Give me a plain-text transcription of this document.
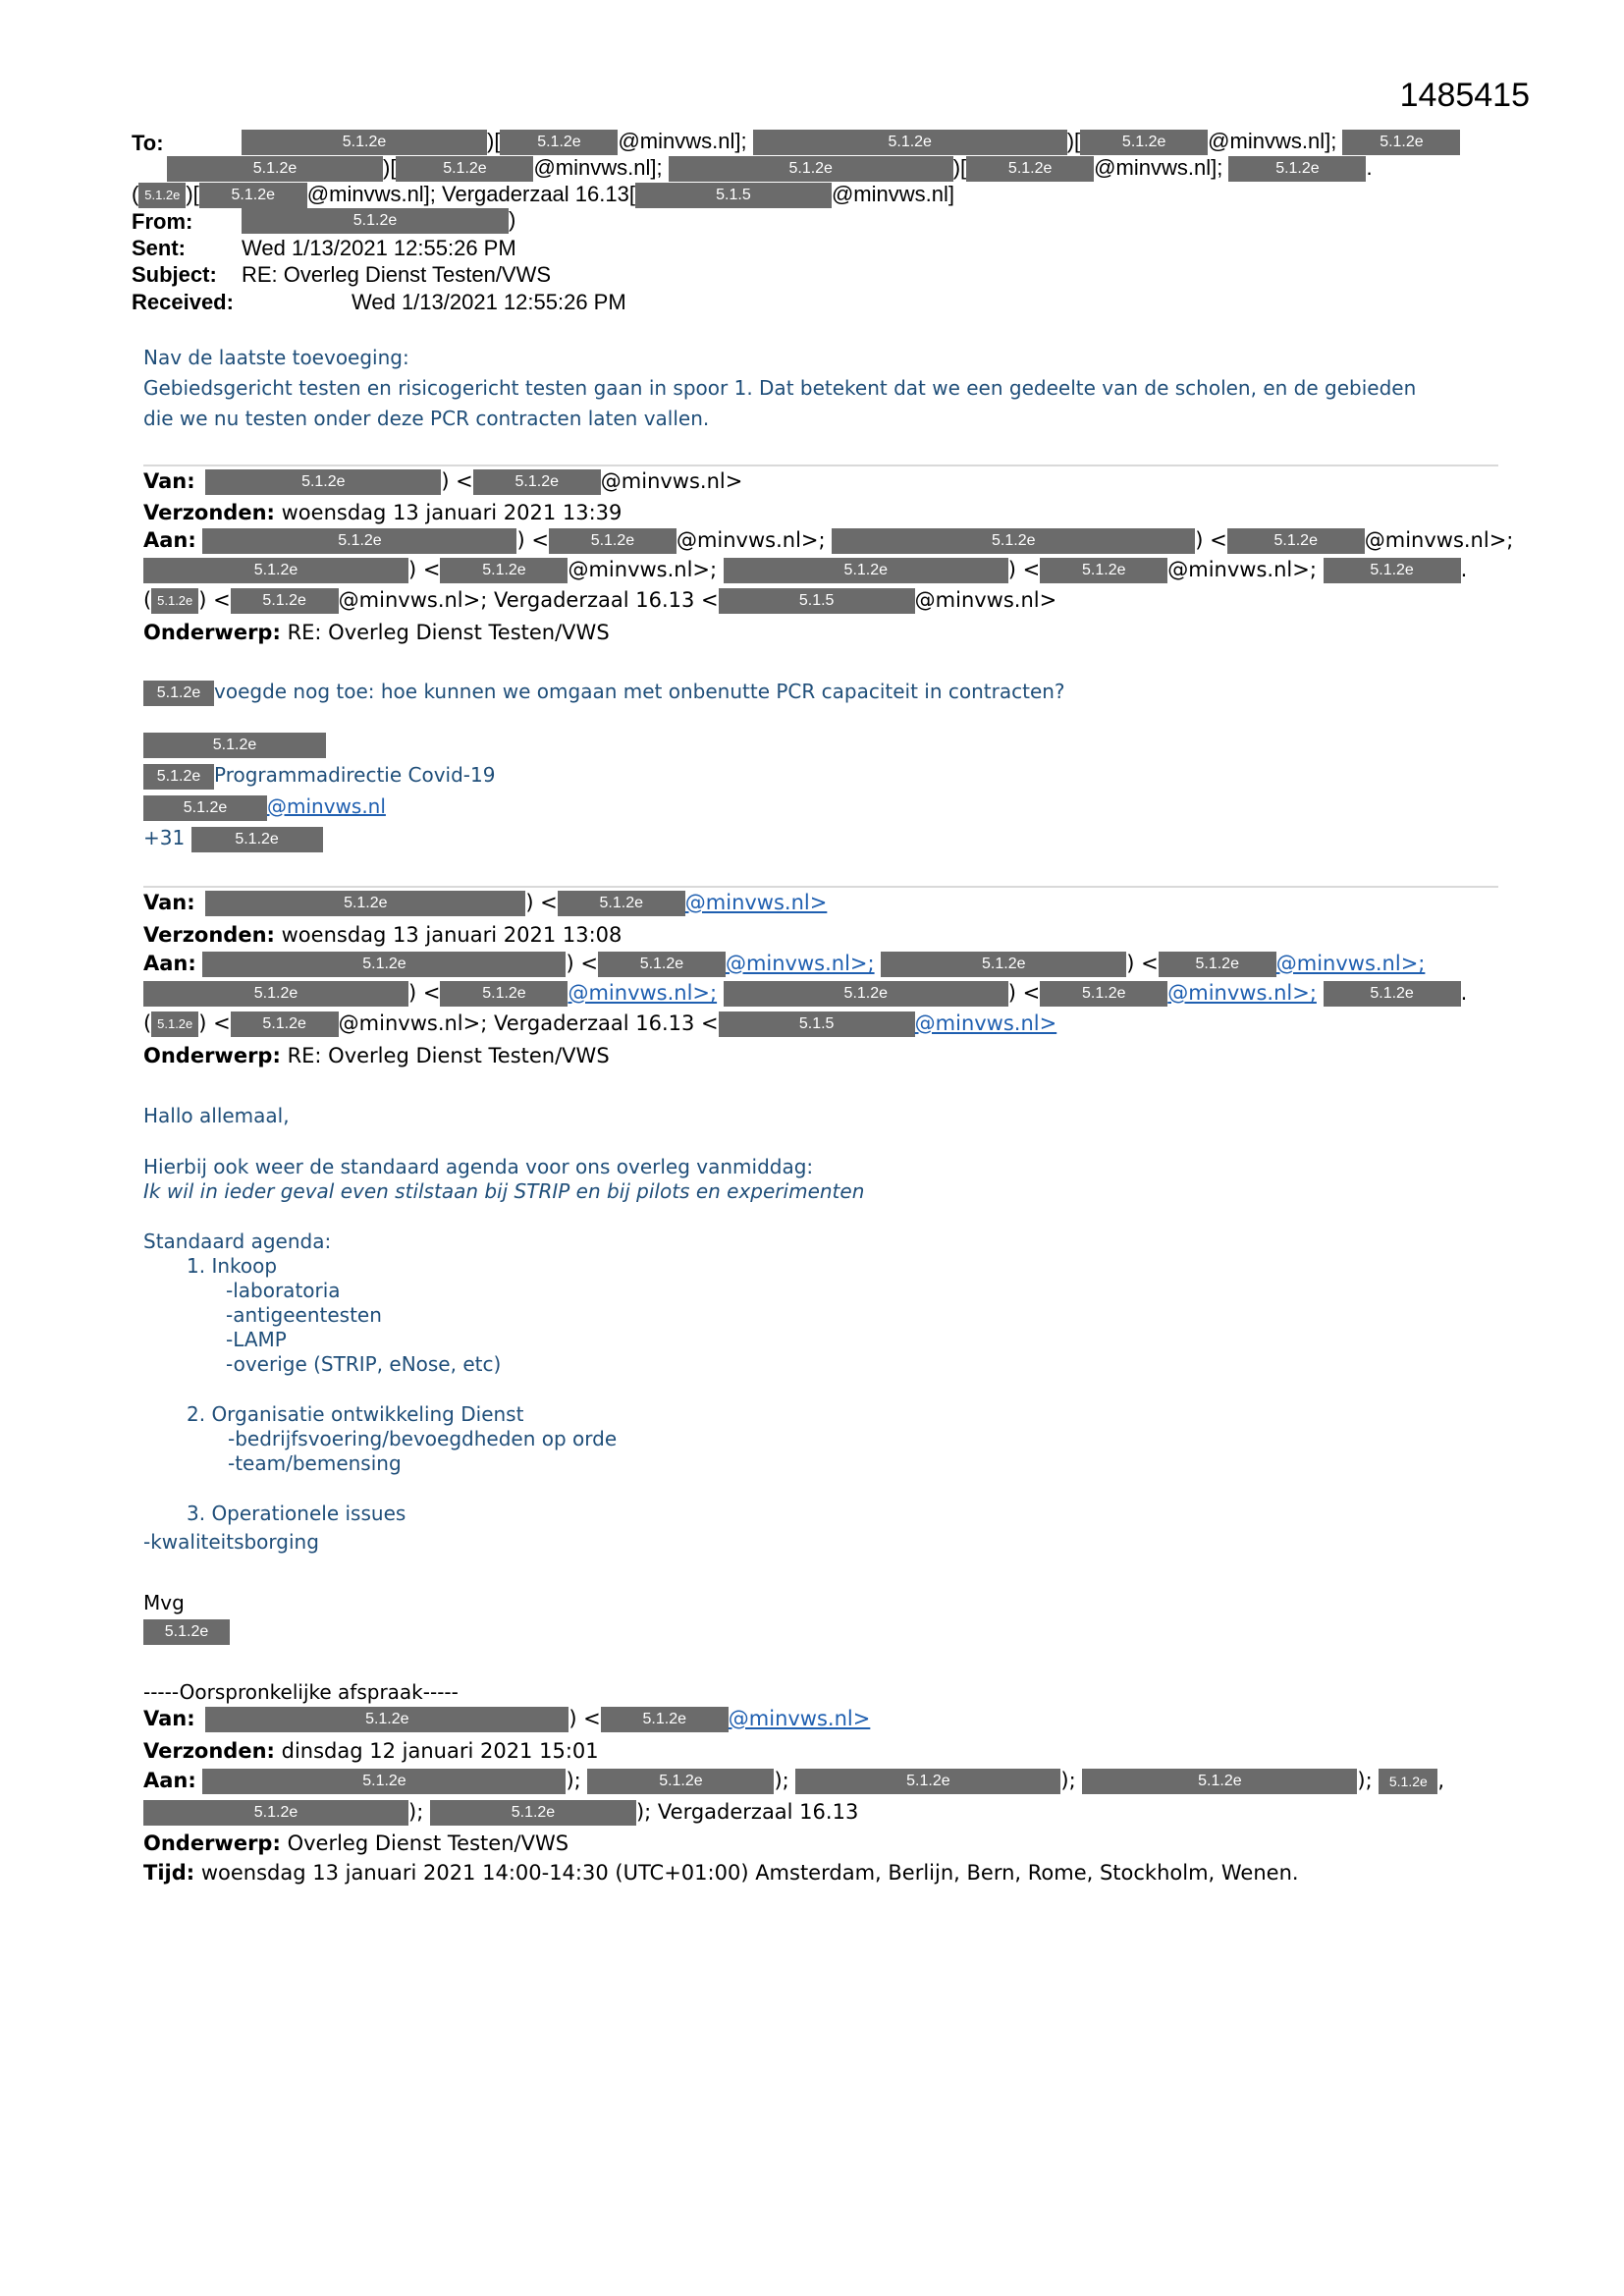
1485415
To:	5.1.2e	)[ 5.1.2e @minvws.nl];	5.1.2e	)[	5.1.2e @minvws.nl];	5.1.2e
5.1.2e	)[	5.1.2e @minvws.nl];	5.1.2e	)[	5.1.2e @minvws.nl];	5.1.2e .
( 5.1.2e )[ 5.1.2e @minvws.nl]; Vergaderzaal 16.13[	5.1.5	@minvws.nl]
From:	5.1.2e	)
Sent:	Wed 1/13/2021 12:55:26 PM
Subject: RE: Overleg Dienst Testen/VWS
Received:	Wed 1/13/2021 12:55:26 PM
Nav de laatste toevoeging:
Gebiedsgericht testen en risicogericht testen gaan in spoor 1. Dat betekent dat we een gedeelte van de scholen, en de gebieden
die we nu testen onder deze PCR contracten laten vallen.
Van:	5.1.2e	) <	5.1.2e @minvws.nl>
Verzonden: woensdag 13 januari 2021 13:39
Aan:	5.1.2e	) <	5.1.2e @minvws.nl>;	5.1.2e	) <	5.1.2e @minvws.nl>;
5.1.2e	) <	5.1.2e @minvws.nl>;	5.1.2e	) <	5.1.2e @minvws.nl>;	5.1.2e .
( 5.1.2e ) < 5.1.2e @minvws.nl>; Vergaderzaal 16.13 <	5.1.5	@minvws.nl>
Onderwerp: RE: Overleg Dienst Testen/VWS
5.1.2e voegde nog toe: hoe kunnen we omgaan met onbenutte PCR capaciteit in contracten?
5.1.2e
5.1.2e Programmadirectie Covid-19
5.1.2e @minvws.nl
+31	5.1.2e
Van:	5.1.2e	) <	5.1.2e @minvws.nl>
Verzonden: woensdag 13 januari 2021 13:08
Aan:	5.1.2e	) <	5.1.2e @minvws.nl>;	5.1.2e	) < 5.1.2e @minvws.nl>;
5.1.2e	) <	5.1.2e @minvws.nl>;	5.1.2e	) <	5.1.2e @minvws.nl>;	5.1.2e .
( 5.1.2e ) < 5.1.2e @minvws.nl>; Vergaderzaal 16.13 <	5.1.5	@minvws.nl>
Onderwerp: RE: Overleg Dienst Testen/VWS
Hallo allemaal,
Hierbij ook weer de standaard agenda voor ons overleg vanmiddag:
Ik wil in ieder geval even stilstaan bij STRIP en bij pilots en experimenten
Standaard agenda:
1. Inkoop
-laboratoria
-antigeentesten
-LAMP
-overige (STRIP, eNose, etc)
2. Organisatie ontwikkeling Dienst
-bedrijfsvoering/bevoegdheden op orde
-team/bemensing
3. Operationele issues
-kwaliteitsborging
Mvg
5.1.2e
-----Oorspronkelijke afspraak-----
Van:	5.1.2e	) <	5.1.2e @minvws.nl>
Verzonden: dinsdag 12 januari 2021 15:01
Aan:	5.1.2e	);	5.1.2e	);	5.1.2e	);	5.1.2e	); 5.1.2e ,
5.1.2e	);	5.1.2e	); Vergaderzaal 16.13
Onderwerp: Overleg Dienst Testen/VWS
Tijd: woensdag 13 januari 2021 14:00-14:30 (UTC+01:00) Amsterdam, Berlijn, Bern, Rome, Stockholm, Wenen.
